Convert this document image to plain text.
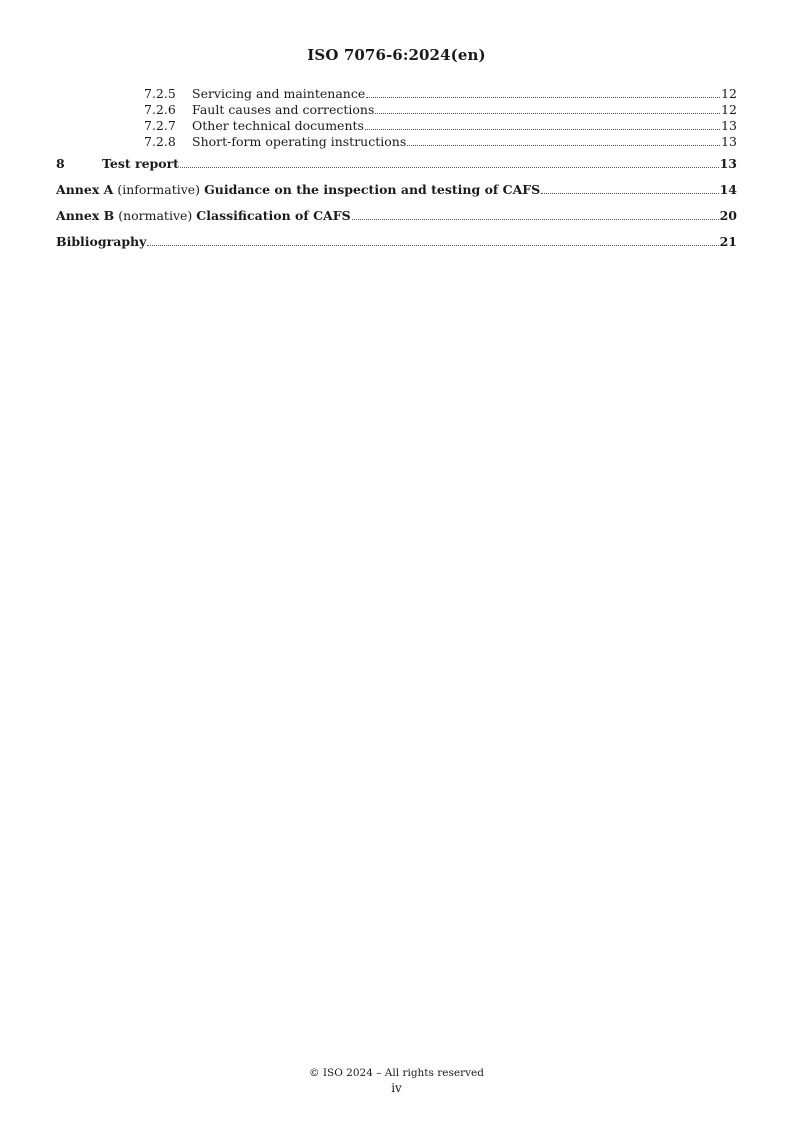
ISO 7076-6:2024(en)
7.2.5	Servicing and maintenance	12
7.2.6	Fault causes and corrections	12
7.2.7	Other technical documents	13
7.2.8	Short-form operating instructions	13
8	Test report	13
Annex A (informative) Guidance on the inspection and testing of CAFS	14
Annex B (normative) Classification of CAFS	20
Bibliography	21
© ISO 2024 – All rights reserved
iv
